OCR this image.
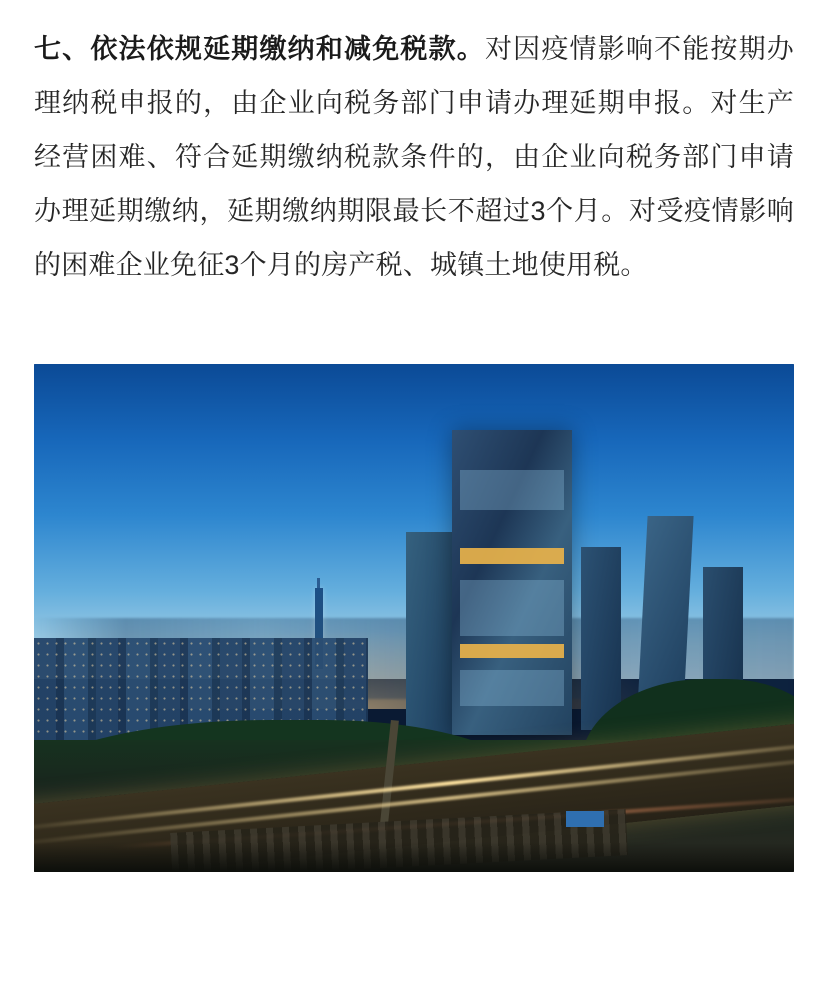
七、依法依规延期缴纳和减免税款。对因疫情影响不能按期办理纳税申报的，由企业向税务部门申请办理延期申报。对生产经营困难、符合延期缴纳税款条件的，由企业向税务部门申请办理延期缴纳，延期缴纳期限最长不超过3个月。对受疫情影响的困难企业免征3个月的房产税、城镇土地使用税。
